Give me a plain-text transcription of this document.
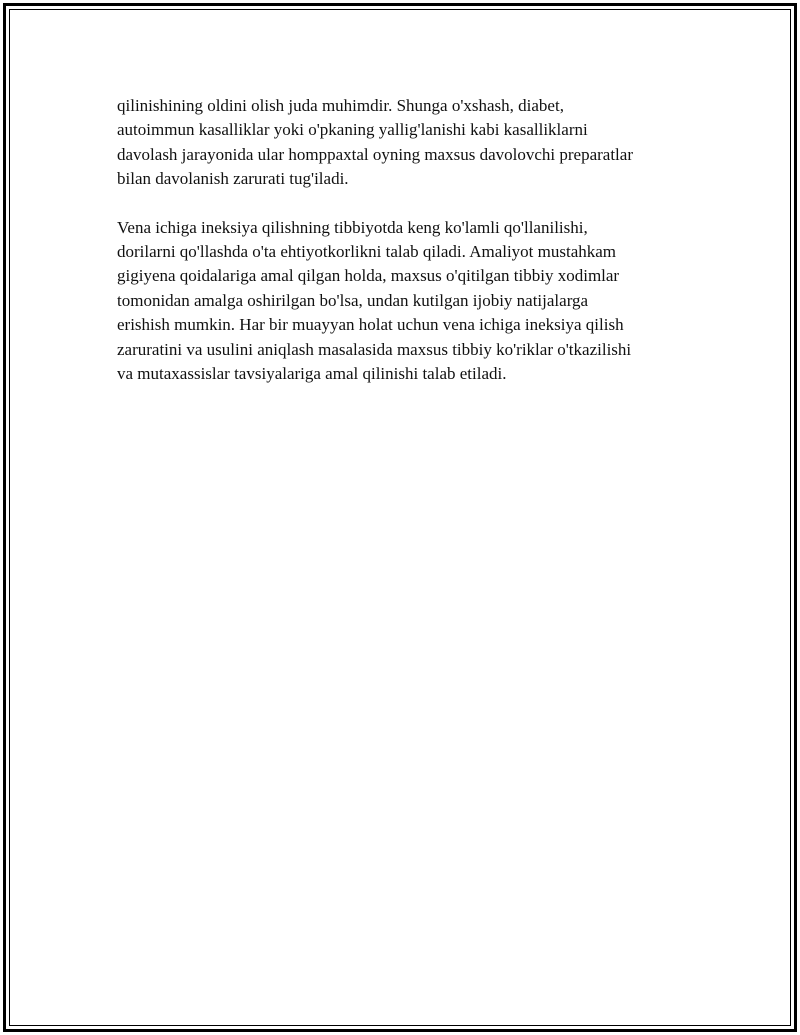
qilinishining oldini olish juda muhimdir. Shunga o'xshash, diabet,
autoimmun kasalliklar yoki o'pkaning yallig'lanishi kabi kasalliklarni
davolash jarayonida ular homppaxtal oyning maxsus davolovchi preparatlar
bilan davolanish zarurati tug'iladi.

Vena ichiga ineksiya qilishning tibbiyotda keng ko'lamli qo'llanilishi,
dorilarni qo'llashda o'ta ehtiyotkorlikni talab qiladi. Amaliyot mustahkam
gigiyena qoidalariga amal qilgan holda, maxsus o'qitilgan tibbiy xodimlar
tomonidan amalga oshirilgan bo'lsa, undan kutilgan ijobiy natijalarga
erishish mumkin. Har bir muayyan holat uchun vena ichiga ineksiya qilish
zaruratini va usulini aniqlash masalasida maxsus tibbiy ko'riklar o'tkazilishi
va mutaxassislar tavsiyalariga amal qilinishi talab etiladi.
